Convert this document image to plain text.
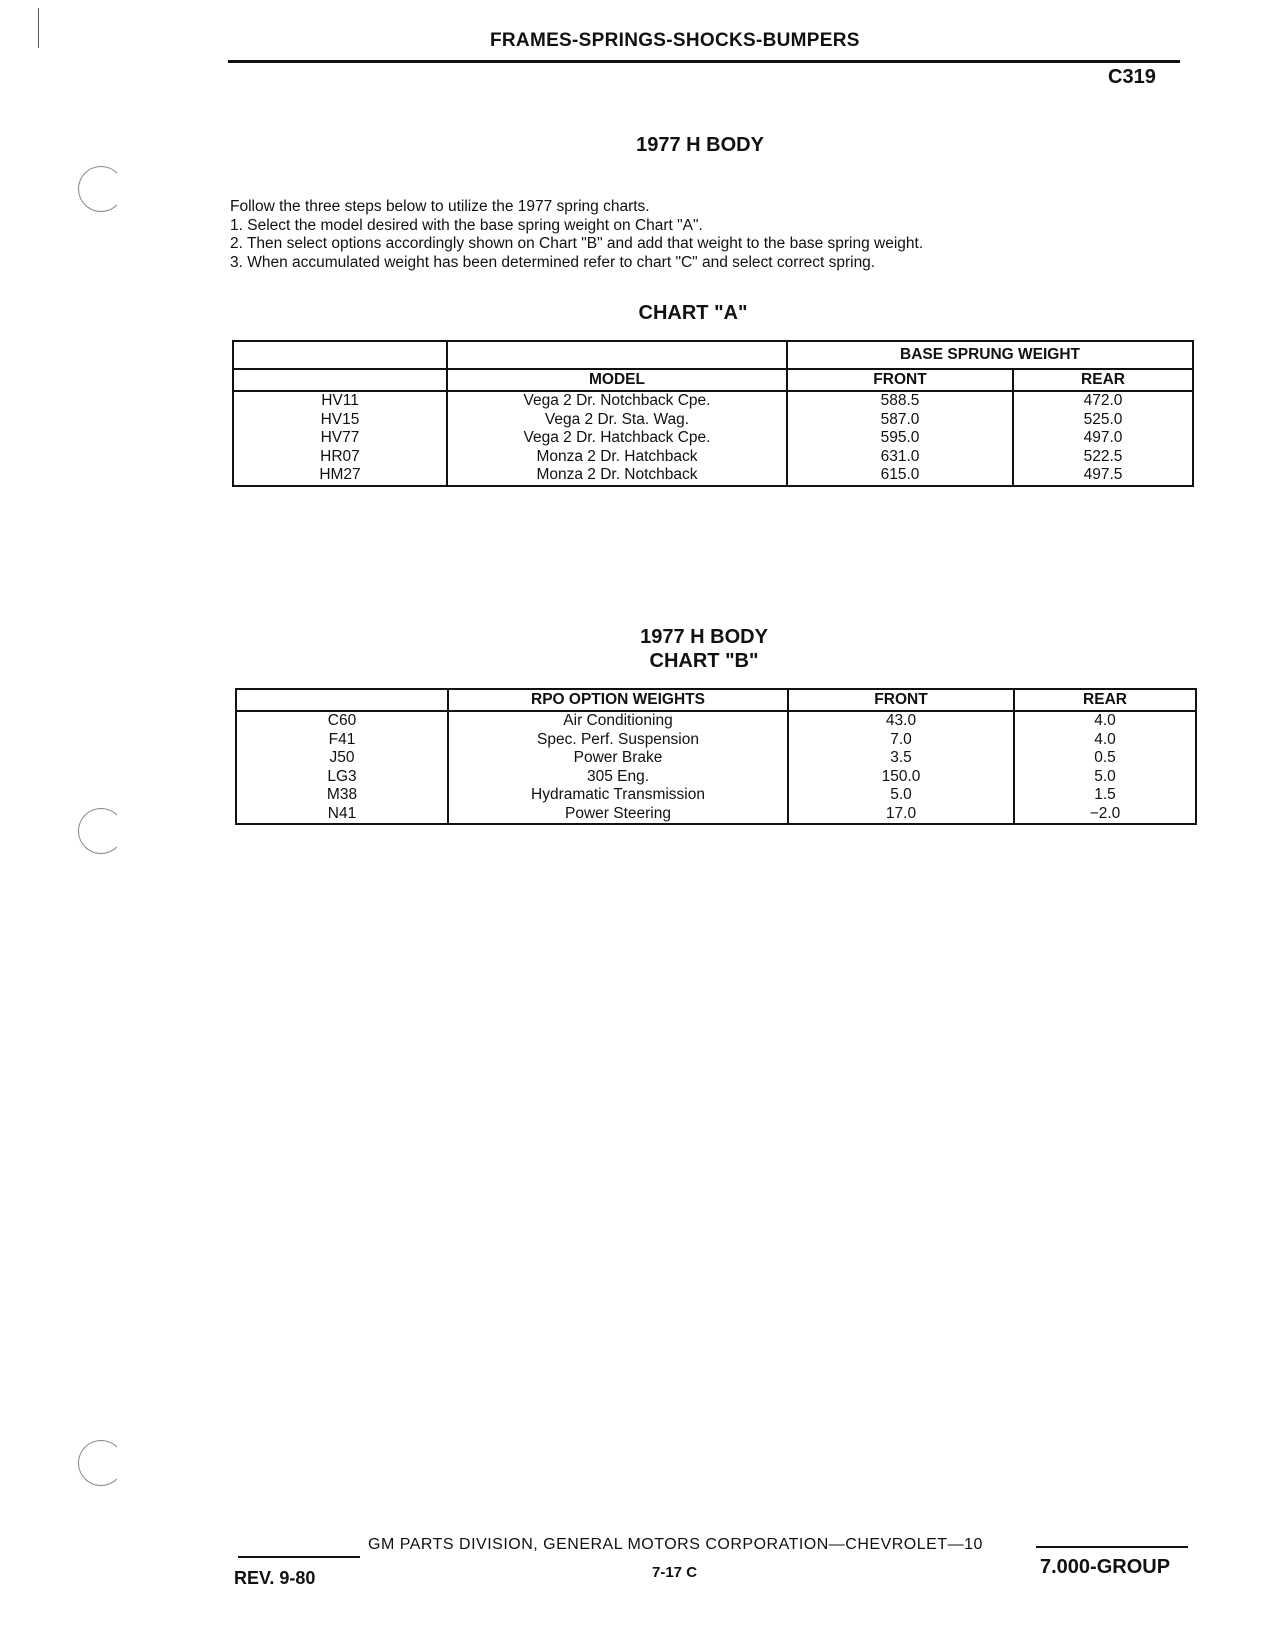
FRAMES-SPRINGS-SHOCKS-BUMPERS
C319
1977 H BODY
Follow the three steps below to utilize the 1977 spring charts.
1. Select the model desired with the base spring weight on Chart "A".
2. Then select options accordingly shown on Chart "B" and add that weight to the base spring weight.
3. When accumulated weight has been determined refer to chart "C" and select correct spring.
CHART "A"
		BASE SPRUNG WEIGHT	
	MODEL	FRONT	REAR
HV11	Vega 2 Dr. Notchback Cpe.	588.5	472.0
HV15	Vega 2 Dr. Sta. Wag.	587.0	525.0
HV77	Vega 2 Dr. Hatchback Cpe.	595.0	497.0
HR07	Monza 2 Dr. Hatchback	631.0	522.5
HM27	Monza 2 Dr. Notchback	615.0	497.5
1977 H BODY
CHART "B"
	RPO OPTION WEIGHTS	FRONT	REAR
C60	Air Conditioning	43.0	4.0
F41	Spec. Perf. Suspension	7.0	4.0
J50	Power Brake	3.5	0.5
LG3	305 Eng.	150.0	5.0
M38	Hydramatic Transmission	5.0	1.5
N41	Power Steering	17.0	−2.0
GM PARTS DIVISION, GENERAL MOTORS CORPORATION—CHEVROLET—10
REV. 9-80	7-17 C	7.000-GROUP
